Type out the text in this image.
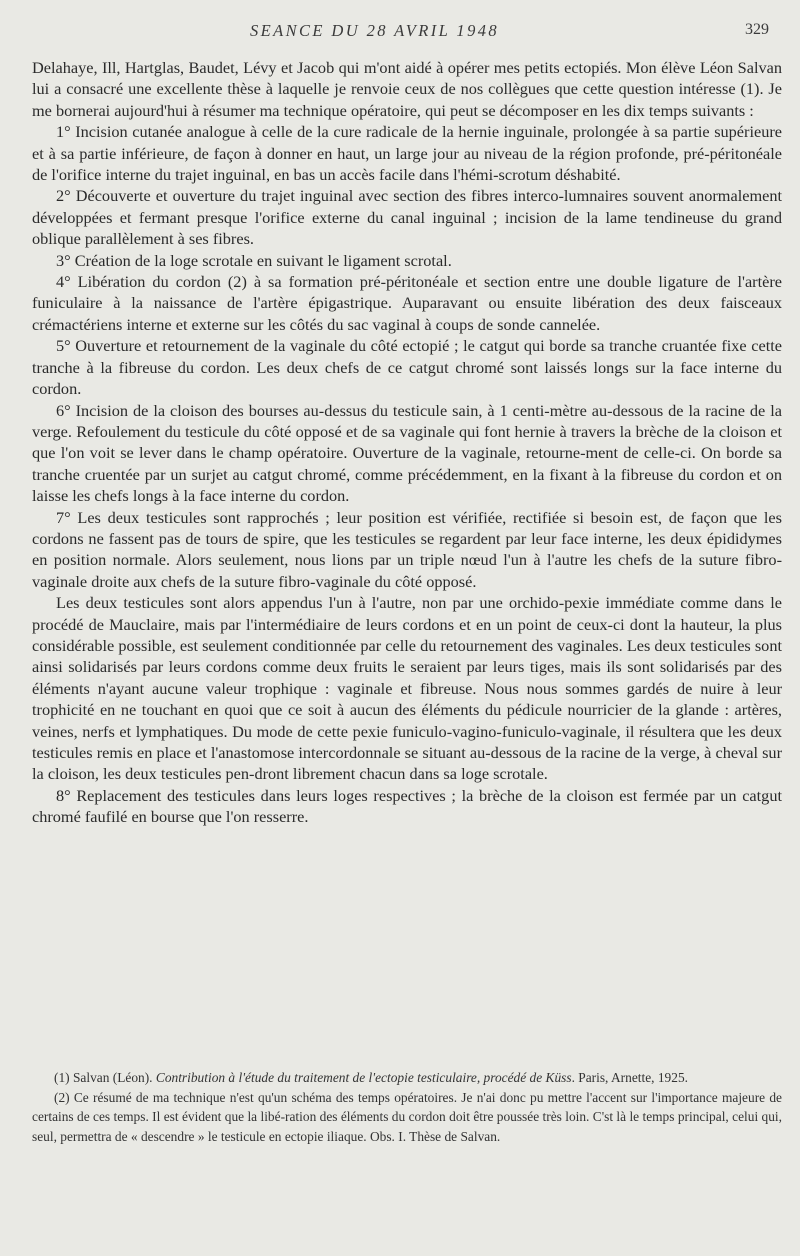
SEANCE DU 28 AVRIL 1948	329

Delahaye, Ill, Hartglas, Baudet, Lévy et Jacob qui m'ont aidé à opérer mes petits ectopiés. Mon élève Léon Salvan lui a consacré une excellente thèse à laquelle je renvoie ceux de nos collègues que cette question intéresse (1). Je me bornerai aujourd'hui à résumer ma technique opératoire, qui peut se décomposer en les dix temps suivants :

1° Incision cutanée analogue à celle de la cure radicale de la hernie inguinale, prolongée à sa partie supérieure et à sa partie inférieure, de façon à donner en haut, un large jour au niveau de la région profonde, pré-péritonéale de l'orifice interne du trajet inguinal, en bas un accès facile dans l'hémi-scrotum déshabité.

2° Découverte et ouverture du trajet inguinal avec section des fibres interco-lumnaires souvent anormalement développées et fermant presque l'orifice externe du canal inguinal ; incision de la lame tendineuse du grand oblique parallèlement à ses fibres.

3° Création de la loge scrotale en suivant le ligament scrotal.

4° Libération du cordon (2) à sa formation pré-péritonéale et section entre une double ligature de l'artère funiculaire à la naissance de l'artère épigastrique. Auparavant ou ensuite libération des deux faisceaux crémactériens interne et externe sur les côtés du sac vaginal à coups de sonde cannelée.

5° Ouverture et retournement de la vaginale du côté ectopié ; le catgut qui borde sa tranche cruantée fixe cette tranche à la fibreuse du cordon. Les deux chefs de ce catgut chromé sont laissés longs sur la face interne du cordon.

6° Incision de la cloison des bourses au-dessus du testicule sain, à 1 centi-mètre au-dessous de la racine de la verge. Refoulement du testicule du côté opposé et de sa vaginale qui font hernie à travers la brèche de la cloison et que l'on voit se lever dans le champ opératoire. Ouverture de la vaginale, retourne-ment de celle-ci. On borde sa tranche cruentée par un surjet au catgut chromé, comme précédemment, en la fixant à la fibreuse du cordon et on laisse les chefs longs à la face interne du cordon.

7° Les deux testicules sont rapprochés ; leur position est vérifiée, rectifiée si besoin est, de façon que les cordons ne fassent pas de tours de spire, que les testicules se regardent par leur face interne, les deux épididymes en position normale. Alors seulement, nous lions par un triple nœud l'un à l'autre les chefs de la suture fibro-vaginale droite aux chefs de la suture fibro-vaginale du côté opposé.

Les deux testicules sont alors appendus l'un à l'autre, non par une orchido-pexie immédiate comme dans le procédé de Mauclaire, mais par l'intermédiaire de leurs cordons et en un point de ceux-ci dont la hauteur, la plus considérable possible, est seulement conditionnée par celle du retournement des vaginales. Les deux testicules sont ainsi solidarisés par leurs cordons comme deux fruits le seraient par leurs tiges, mais ils sont solidarisés par des éléments n'ayant aucune valeur trophique : vaginale et fibreuse. Nous nous sommes gardés de nuire à leur trophicité en ne touchant en quoi que ce soit à aucun des éléments du pédicule nourricier de la glande : artères, veines, nerfs et lymphatiques. Du mode de cette pexie funiculo-vagino-funiculo-vaginale, il résultera que les deux testicules remis en place et l'anastomose intercordonnale se situant au-dessous de la racine de la verge, à cheval sur la cloison, les deux testicules pen-dront librement chacun dans sa loge scrotale.

8° Replacement des testicules dans leurs loges respectives ; la brèche de la cloison est fermée par un catgut chromé faufilé en bourse que l'on resserre.

(1) Salvan (Léon). Contribution à l'étude du traitement de l'ectopie testiculaire, procédé de Küss. Paris, Arnette, 1925.

(2) Ce résumé de ma technique n'est qu'un schéma des temps opératoires. Je n'ai donc pu mettre l'accent sur l'importance majeure de certains de ces temps. Il est évident que la libé-ration des éléments du cordon doit être poussée très loin. C'st là le temps principal, celui qui, seul, permettra de « descendre » le testicule en ectopie iliaque. Obs. I. Thèse de Salvan.
